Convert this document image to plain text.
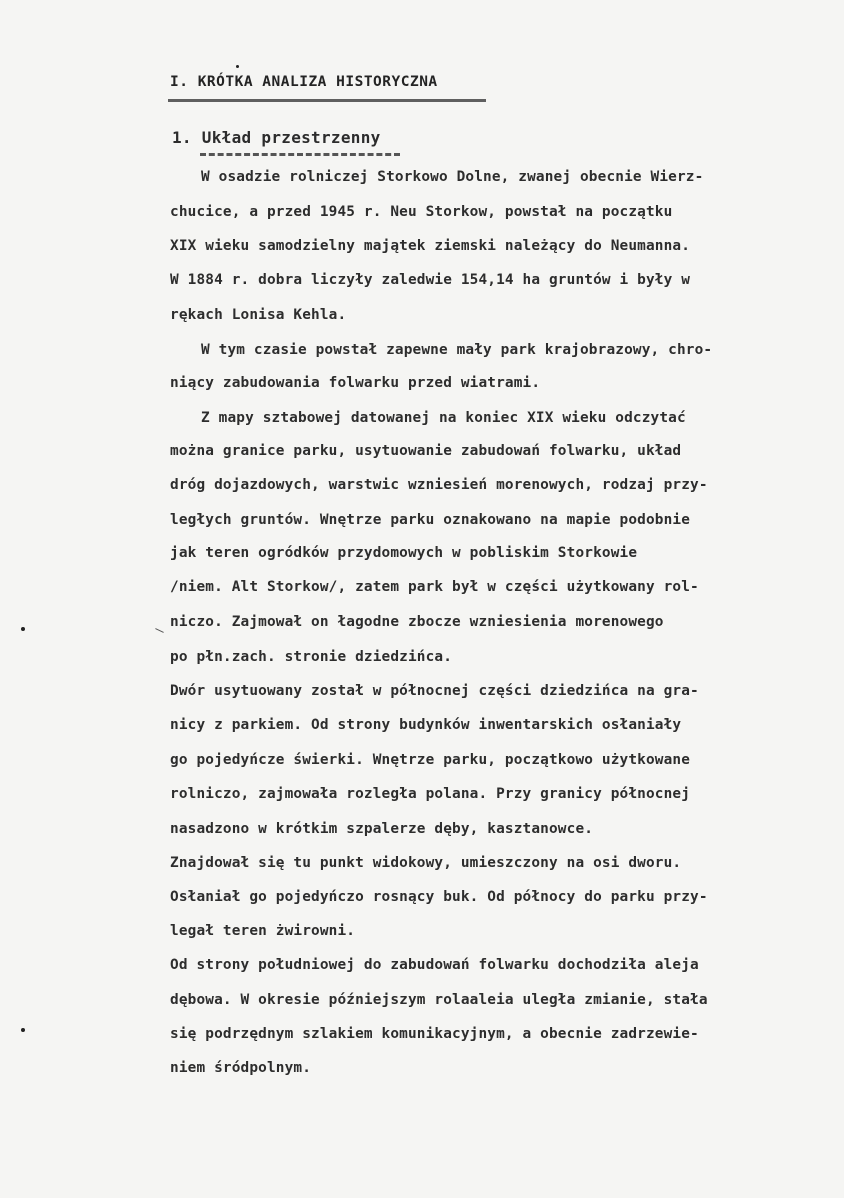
I. KRÓTKA ANALIZA HISTORYCZNA
1. Układ przestrzenny
W osadzie rolniczej Storkowo Dolne, zwanej obecnie Wierz-
chucice, a przed 1945 r. Neu Storkow, powstał na początku
XIX wieku samodzielny majątek ziemski należący do Neumanna.
W 1884 r. dobra liczyły zaledwie 154,14 ha gruntów i były w
rękach Lonisa Kehla.
W tym czasie powstał zapewne mały park krajobrazowy, chro-
niący zabudowania folwarku przed wiatrami.
Z mapy sztabowej datowanej na koniec XIX wieku odczytać
można granice parku, usytuowanie zabudowań folwarku, układ
dróg dojazdowych, warstwic wzniesień morenowych, rodzaj przy-
ległych gruntów. Wnętrze parku oznakowano na mapie podobnie
jak teren ogródków przydomowych w pobliskim Storkowie
/niem. Alt Storkow/, zatem park był w części użytkowany rol-
niczo. Zajmował on łagodne zbocze wzniesienia morenowego
po płn.zach. stronie dziedzińca.
Dwór usytuowany został w północnej części dziedzińca na gra-
nicy z parkiem. Od strony budynków inwentarskich osłaniały
go pojedyńcze świerki. Wnętrze parku, początkowo użytkowane
rolniczo, zajmowała rozległa polana. Przy granicy północnej
nasadzono w krótkim szpalerze dęby, kasztanowce.
Znajdował się tu punkt widokowy, umieszczony na osi dworu.
Osłaniał go pojedyńczo rosnący buk. Od północy do parku przy-
legał teren żwirowni.
Od strony południowej do zabudowań folwarku dochodziła aleja
dębowa. W okresie późniejszym rolaaleia uległa zmianie, stała
się podrzędnym szlakiem komunikacyjnym, a obecnie zadrzewie-
niem śródpolnym.
